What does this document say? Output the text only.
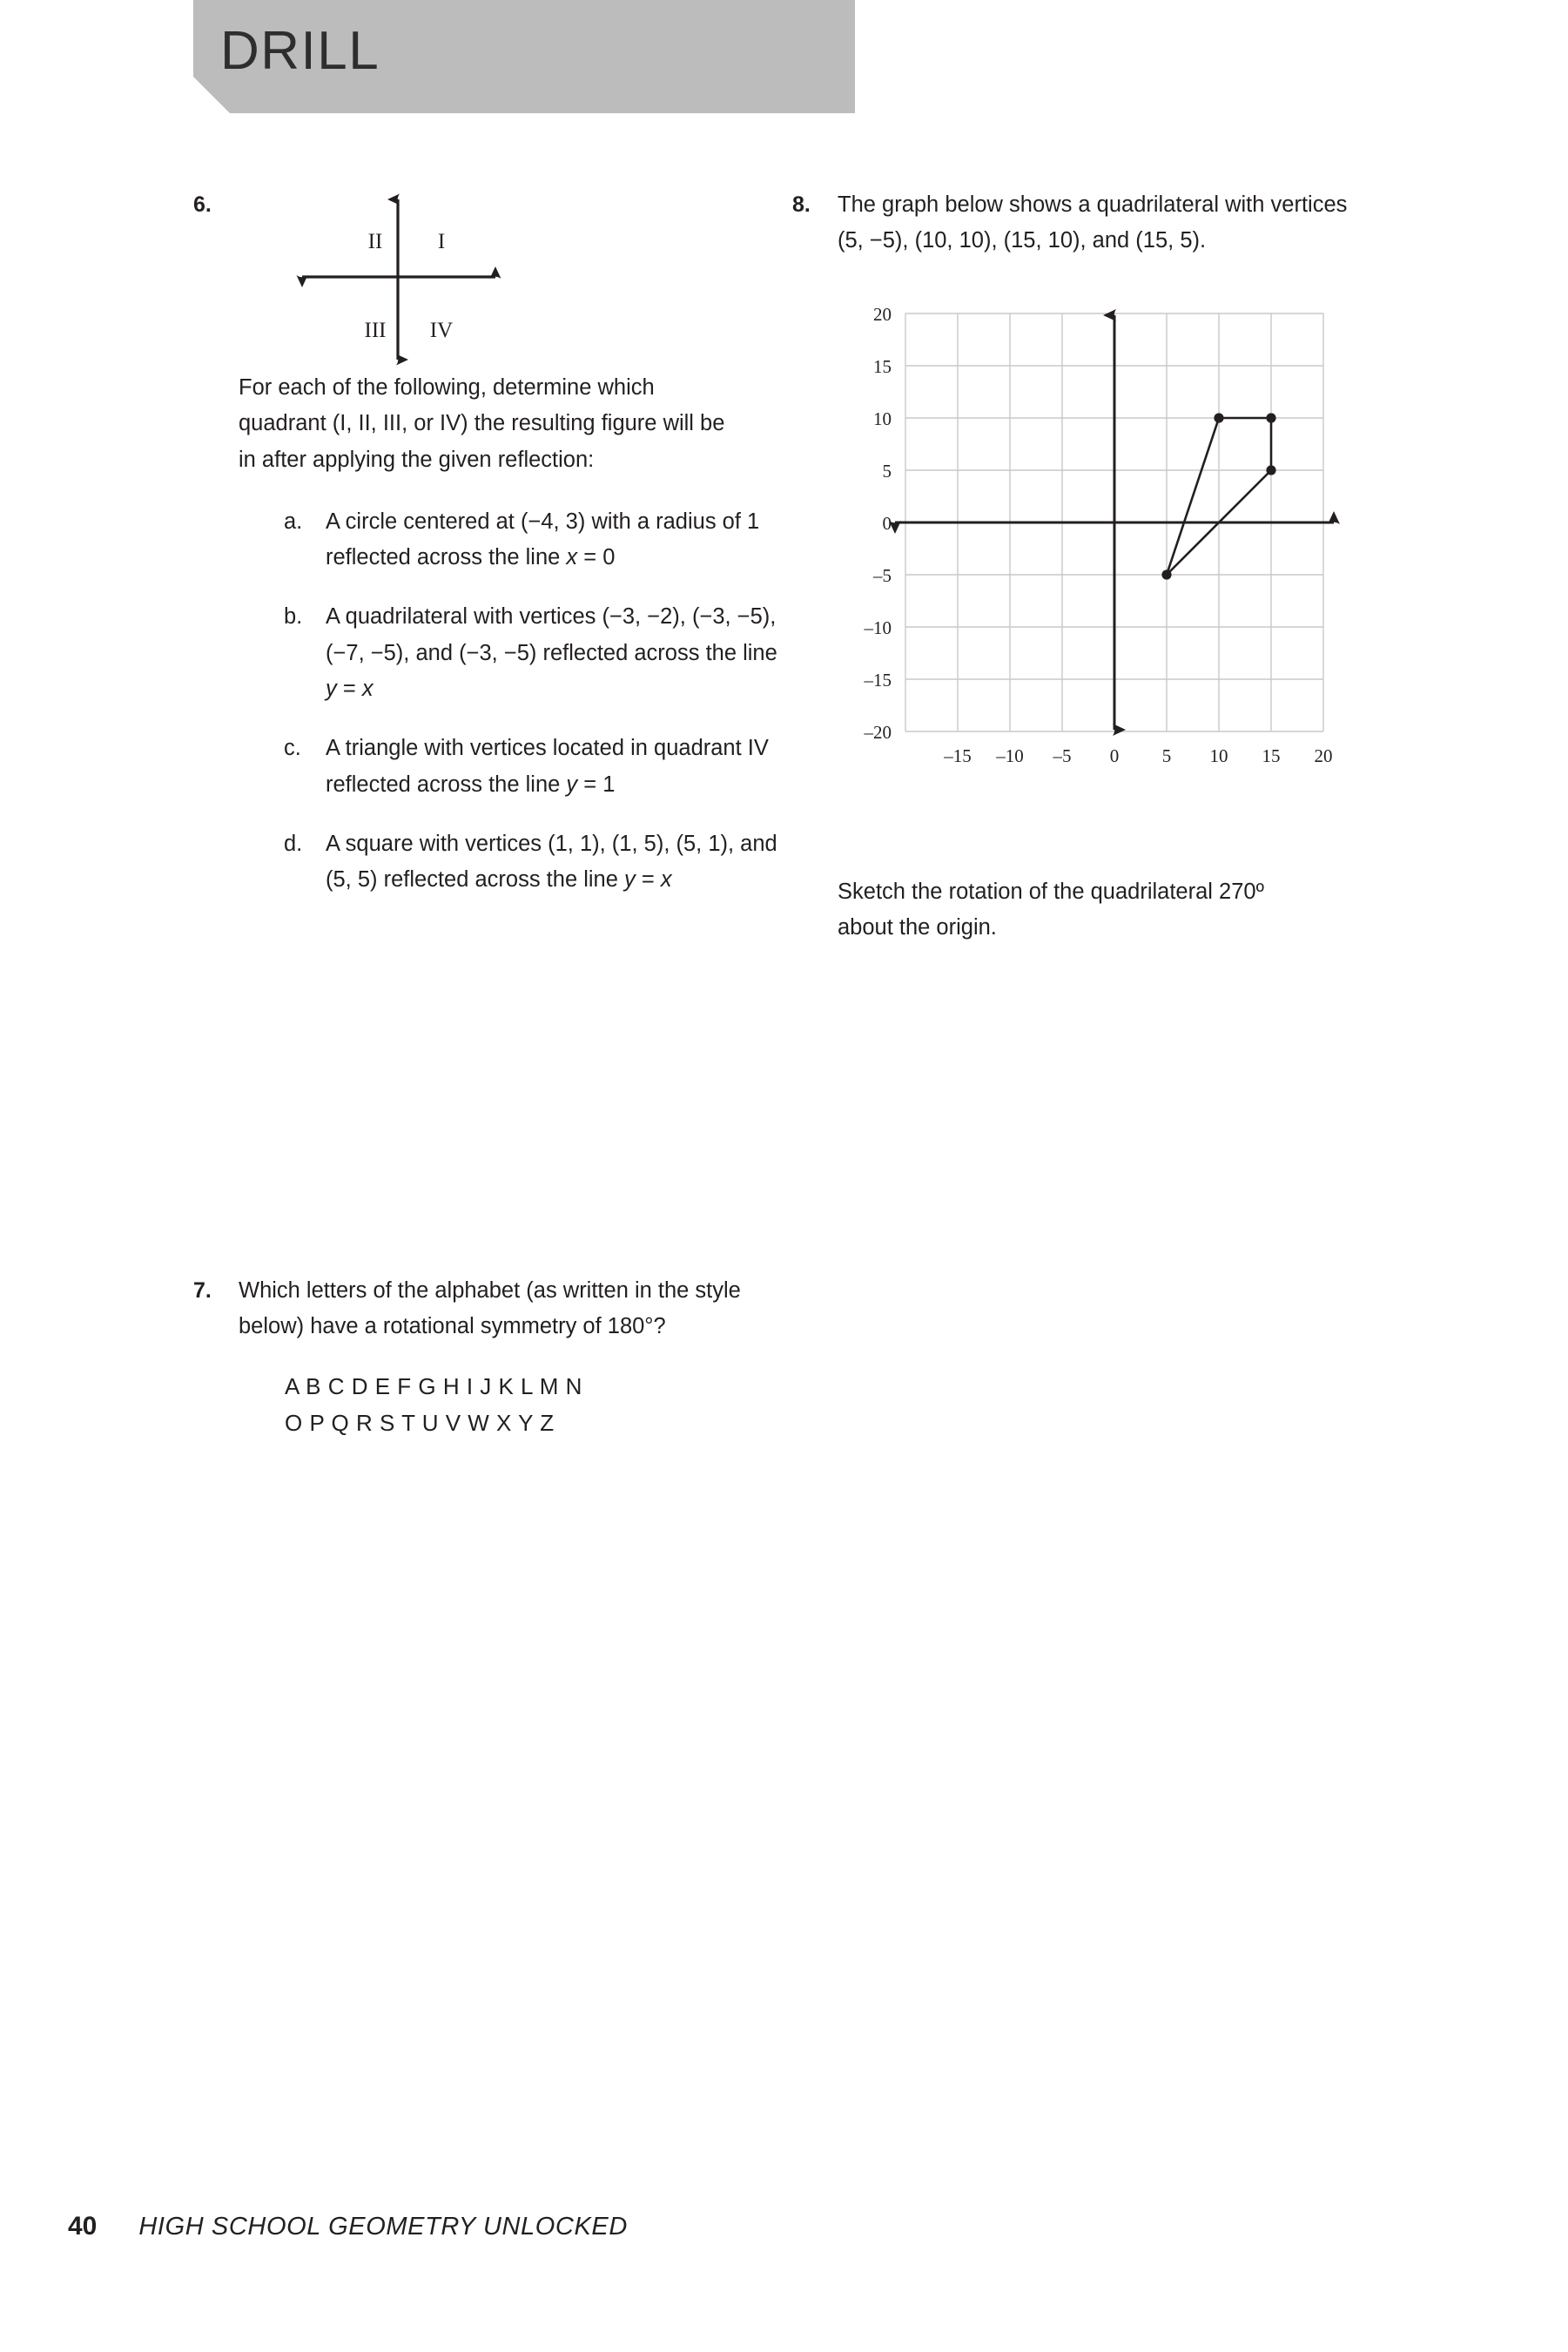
DRILL
6.
II	I
III IV

For each of the following, determine which quadrant (I, II, III, or IV) the resulting figure will be in after applying the given reflection:

a.	A circle centered at (−4, 3) with a radius of 1 reflected across the line x = 0
b.	A quadrilateral with vertices (−3, −2), (−3, −5), (−7, −5), and (−3, −5) reflected across the line y = x
c.	A triangle with vertices located in quadrant IV reflected across the line y = 1
d.	A square with vertices (1, 1), (1, 5), (5, 1), and (5, 5) reflected across the line y = x
7.	Which letters of the alphabet (as written in the style below) have a rotational symmetry of 180°?

A B C D E F G H I J K L M N
O P Q R S T U V W X Y Z
8.	The graph below shows a quadrilateral with vertices (5, −5), (10, 10), (15, 10), and (15, 5).

20
15
10
5
0
–5
–10
–15
–20
–15 –10 –5 0 5 10 15 20

Sketch the rotation of the quadrilateral 270º about the origin.

40 HIGH SCHOOL GEOMETRY UNLOCKED
